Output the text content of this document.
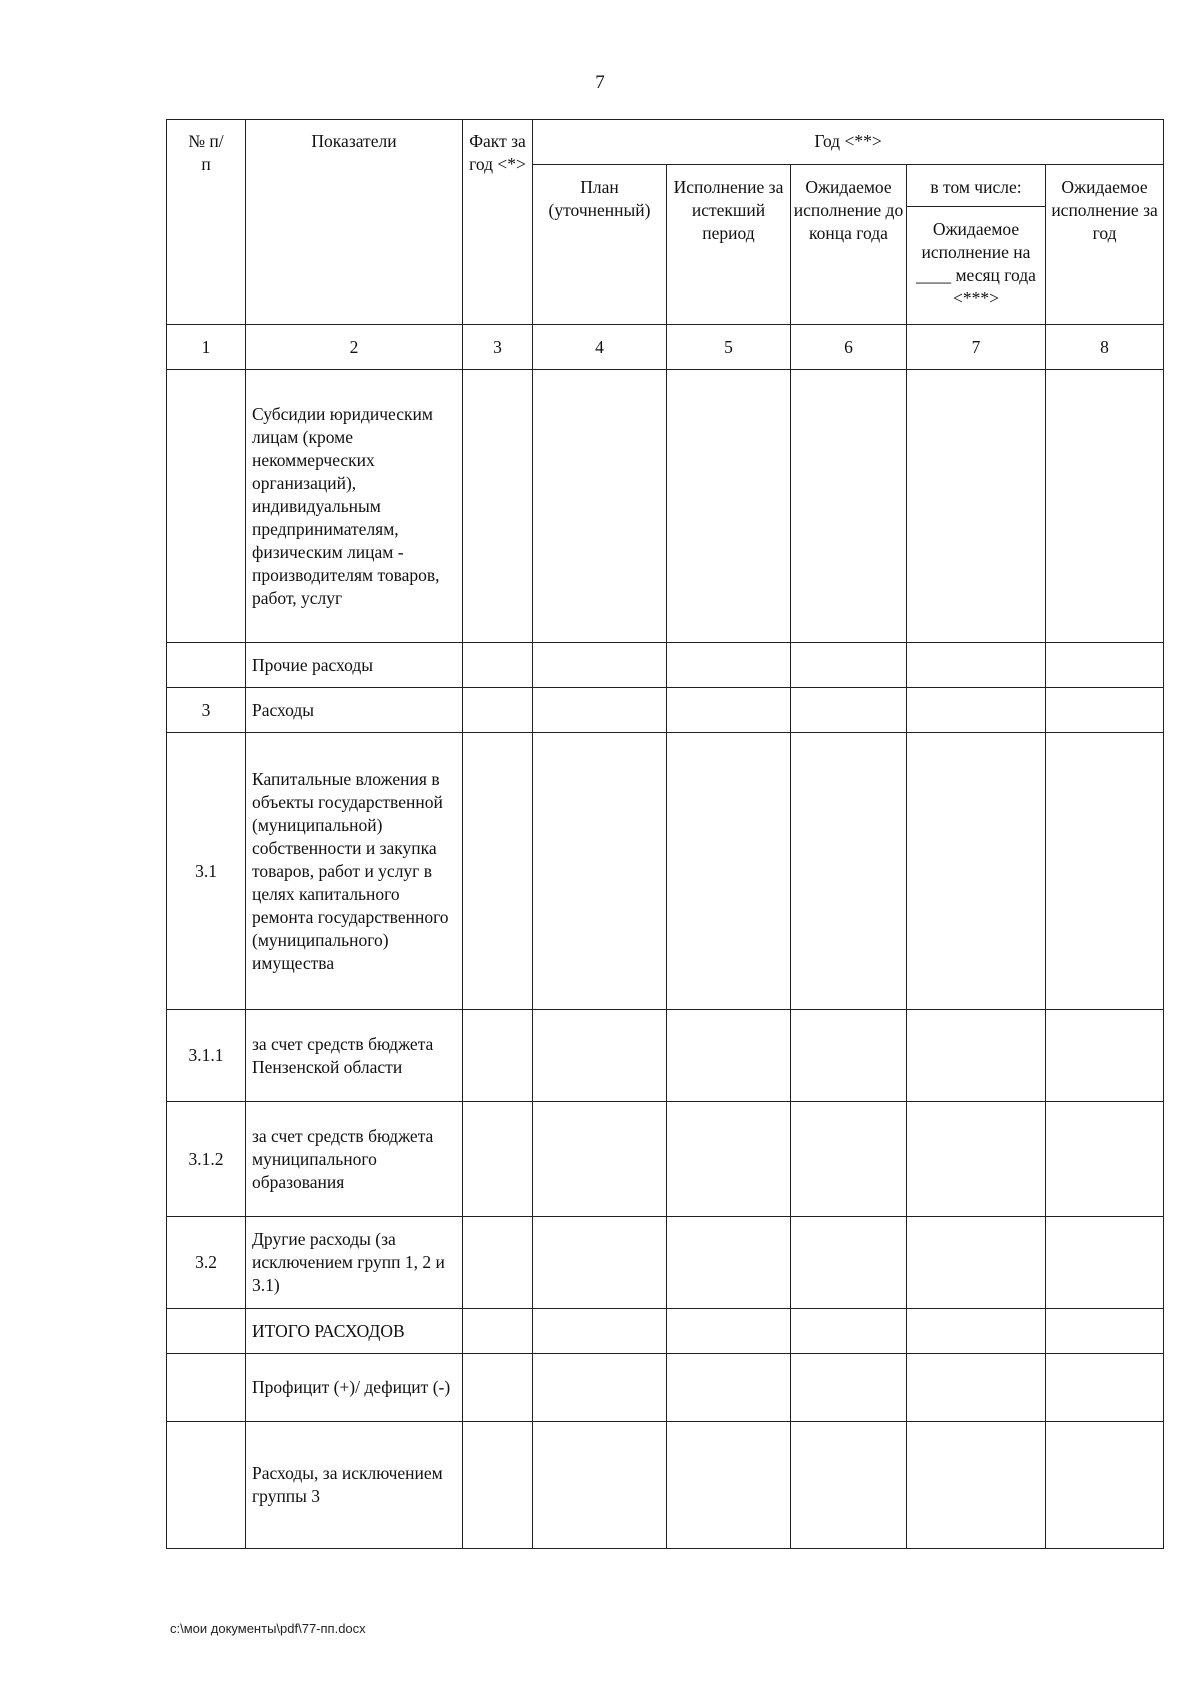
7
№ п/п	Показатели	Факт за год <*>	Год <**>				
			План (уточненный)	Исполнение за истекший период	Ожидаемое исполнение до конца года	в том числе:	Ожидаемое исполнение за год
						Ожидаемое исполнение на ____ месяц года <***>	
1	2	3	4	5	6	7	8
	Субсидии юридическим лицам (кроме некоммерческих организаций), индивидуальным предпринимателям, физическим лицам - производителям товаров, работ, услуг						
	Прочие расходы						
3	Расходы						
3.1	Капитальные вложения в объекты государственной (муниципальной) собственности и закупка товаров, работ и услуг в целях капитального ремонта государственного (муниципального) имущества						
3.1.1	за счет средств бюджета Пензенской области						
3.1.2	за счет средств бюджета муниципального образования						
3.2	Другие расходы (за исключением групп 1, 2 и 3.1)						
	ИТОГО РАСХОДОВ						
	Профицит (+)/ дефицит (-)						
	Расходы, за исключением группы 3						
c:\мои документы\pdf\77-пп.docx
